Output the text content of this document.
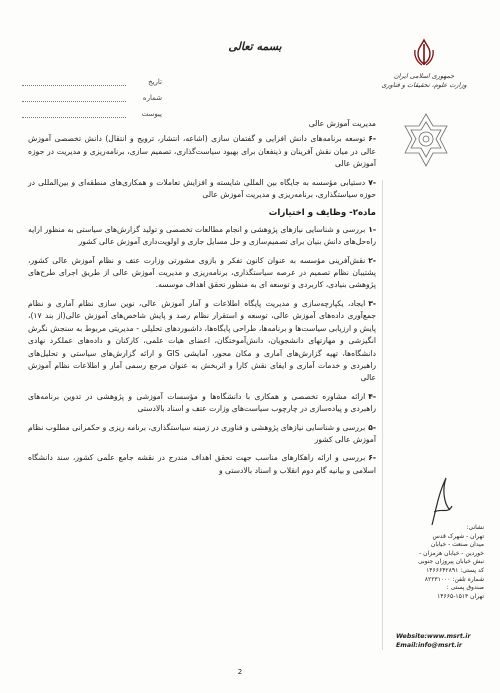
بسمه تعالی
تاریخ
شماره
پیوست
جمهوری اسلامی ایران
وزارت علوم، تحقیقات و فناوری

مدیریت آموزش عالی

-۶توسعه برنامه‌های دانش افزایی و گفتمان سازی (اشاعه، انتشار، ترویج و انتقال) دانش تخصصی آموزش عالی در میان نقش آفرینان و ذینفعان برای بهبود سیاست‌گذاری، تصمیم سازی، برنامه‌ریزی و مدیریت در حوزه آموزش عالی

-۷دستیابی مؤسسه به جایگاه بین المللی شایسته و افزایش تعاملات و همکاری‌های منطقه‌ای و بین‌المللی در حوزه سیاستگذاری، برنامه‌ریزی و مدیریت آموزش عالی

ماده۲- وظایف و اختیارات

-۱بررسی و شناسایی نیازهای پژوهشی و انجام مطالعات تخصصی و تولید گزارش‌های سیاستی به منظور ارایه راه‌حل‌های دانش بنیان برای تصمیم‌سازی و حل مسایل جاری و اولویت‌داری آموزش عالی کشور

-۲نقش‌آفرینی مؤسسه به عنوان کانون تفکر و بازوی مشورتی وزارت عتف و نظام آموزش عالی کشور، پشتیبان نظام تصمیم در عرصه سیاستگذاری، برنامه‌ریزی و مدیریت آموزش عالی از طریق اجرای طرح‌های پژوهشی بنیادی، کاربردی و توسعه ای به منظور تحقق اهداف موسسه.

-۳ایجاد، یکپارچه‌سازی و مدیریت پایگاه اطلاعات و آمار آموزش عالی، نوین سازی نظام آماری و نظام جمع‌آوری داده‌های آموزش عالی، توسعه و استقرار نظام رصد و پایش شاخص‌های آموزش عالی(از بند ۱۷)، پایش و ارزیابی سیاست‌ها و برنامه‌ها، طراحی پایگاه‌ها، داشبوردهای تحلیلی - مدیریتی مربوط به سنجش نگرش انگیزشی و مهارتهای دانشجویان، دانش‌آموختگان، اعضای هیات علمی، کارکنان و داده‌های عملکرد نهادی دانشگاه‌ها، تهیه گزارش‌های آماری و مکان محور، آمایشی GIS و ارائه گزارش‌های سیاستی و تحلیل‌های راهبردی و خدمات آماری و ایفای نقش کارا و اثربخش به عنوان مرجع رسمی آمار و اطلاعات نظام آموزش عالی

-۴ارائه مشاوره تخصصی و همکاری با دانشگاه‌ها و مؤسسات آموزشی و پژوهشی در تدوین برنامه‌های راهبردی و پیاده‌سازی در چارچوب سیاست‌های وزارت عتف و اسناد بالادستی

-۵بررسی و شناسایی نیازهای پژوهشی و فناوری در زمینه سیاستگذاری، برنامه ریزی و حکمرانی مطلوب نظام آموزش عالی کشور

-۶بررسی و ارائه راهکارهای مناسب جهت تحقق اهداف مندرج در نقشه جامع علمی کشور، سند دانشگاه اسلامی و بیانیه گام دوم انقلاب و اسناد بالادستی و

نشانی:

تهران - شهرک قدس

میدان صنعت - خیابان

خوردین - خیابان هرمزان -

نبش خیابان پیروزان جنوبی

کد پستی: ۱۴۶۶۶۴۲۸۹۱

شماره تلفن: ۸۲۲۳۱۰۰۰

صندوق پستی :

تهران ۱۵۱۳-۱۴۶۶۵

Website:www.msrt.ir
Email:info@msrt.ir
2
